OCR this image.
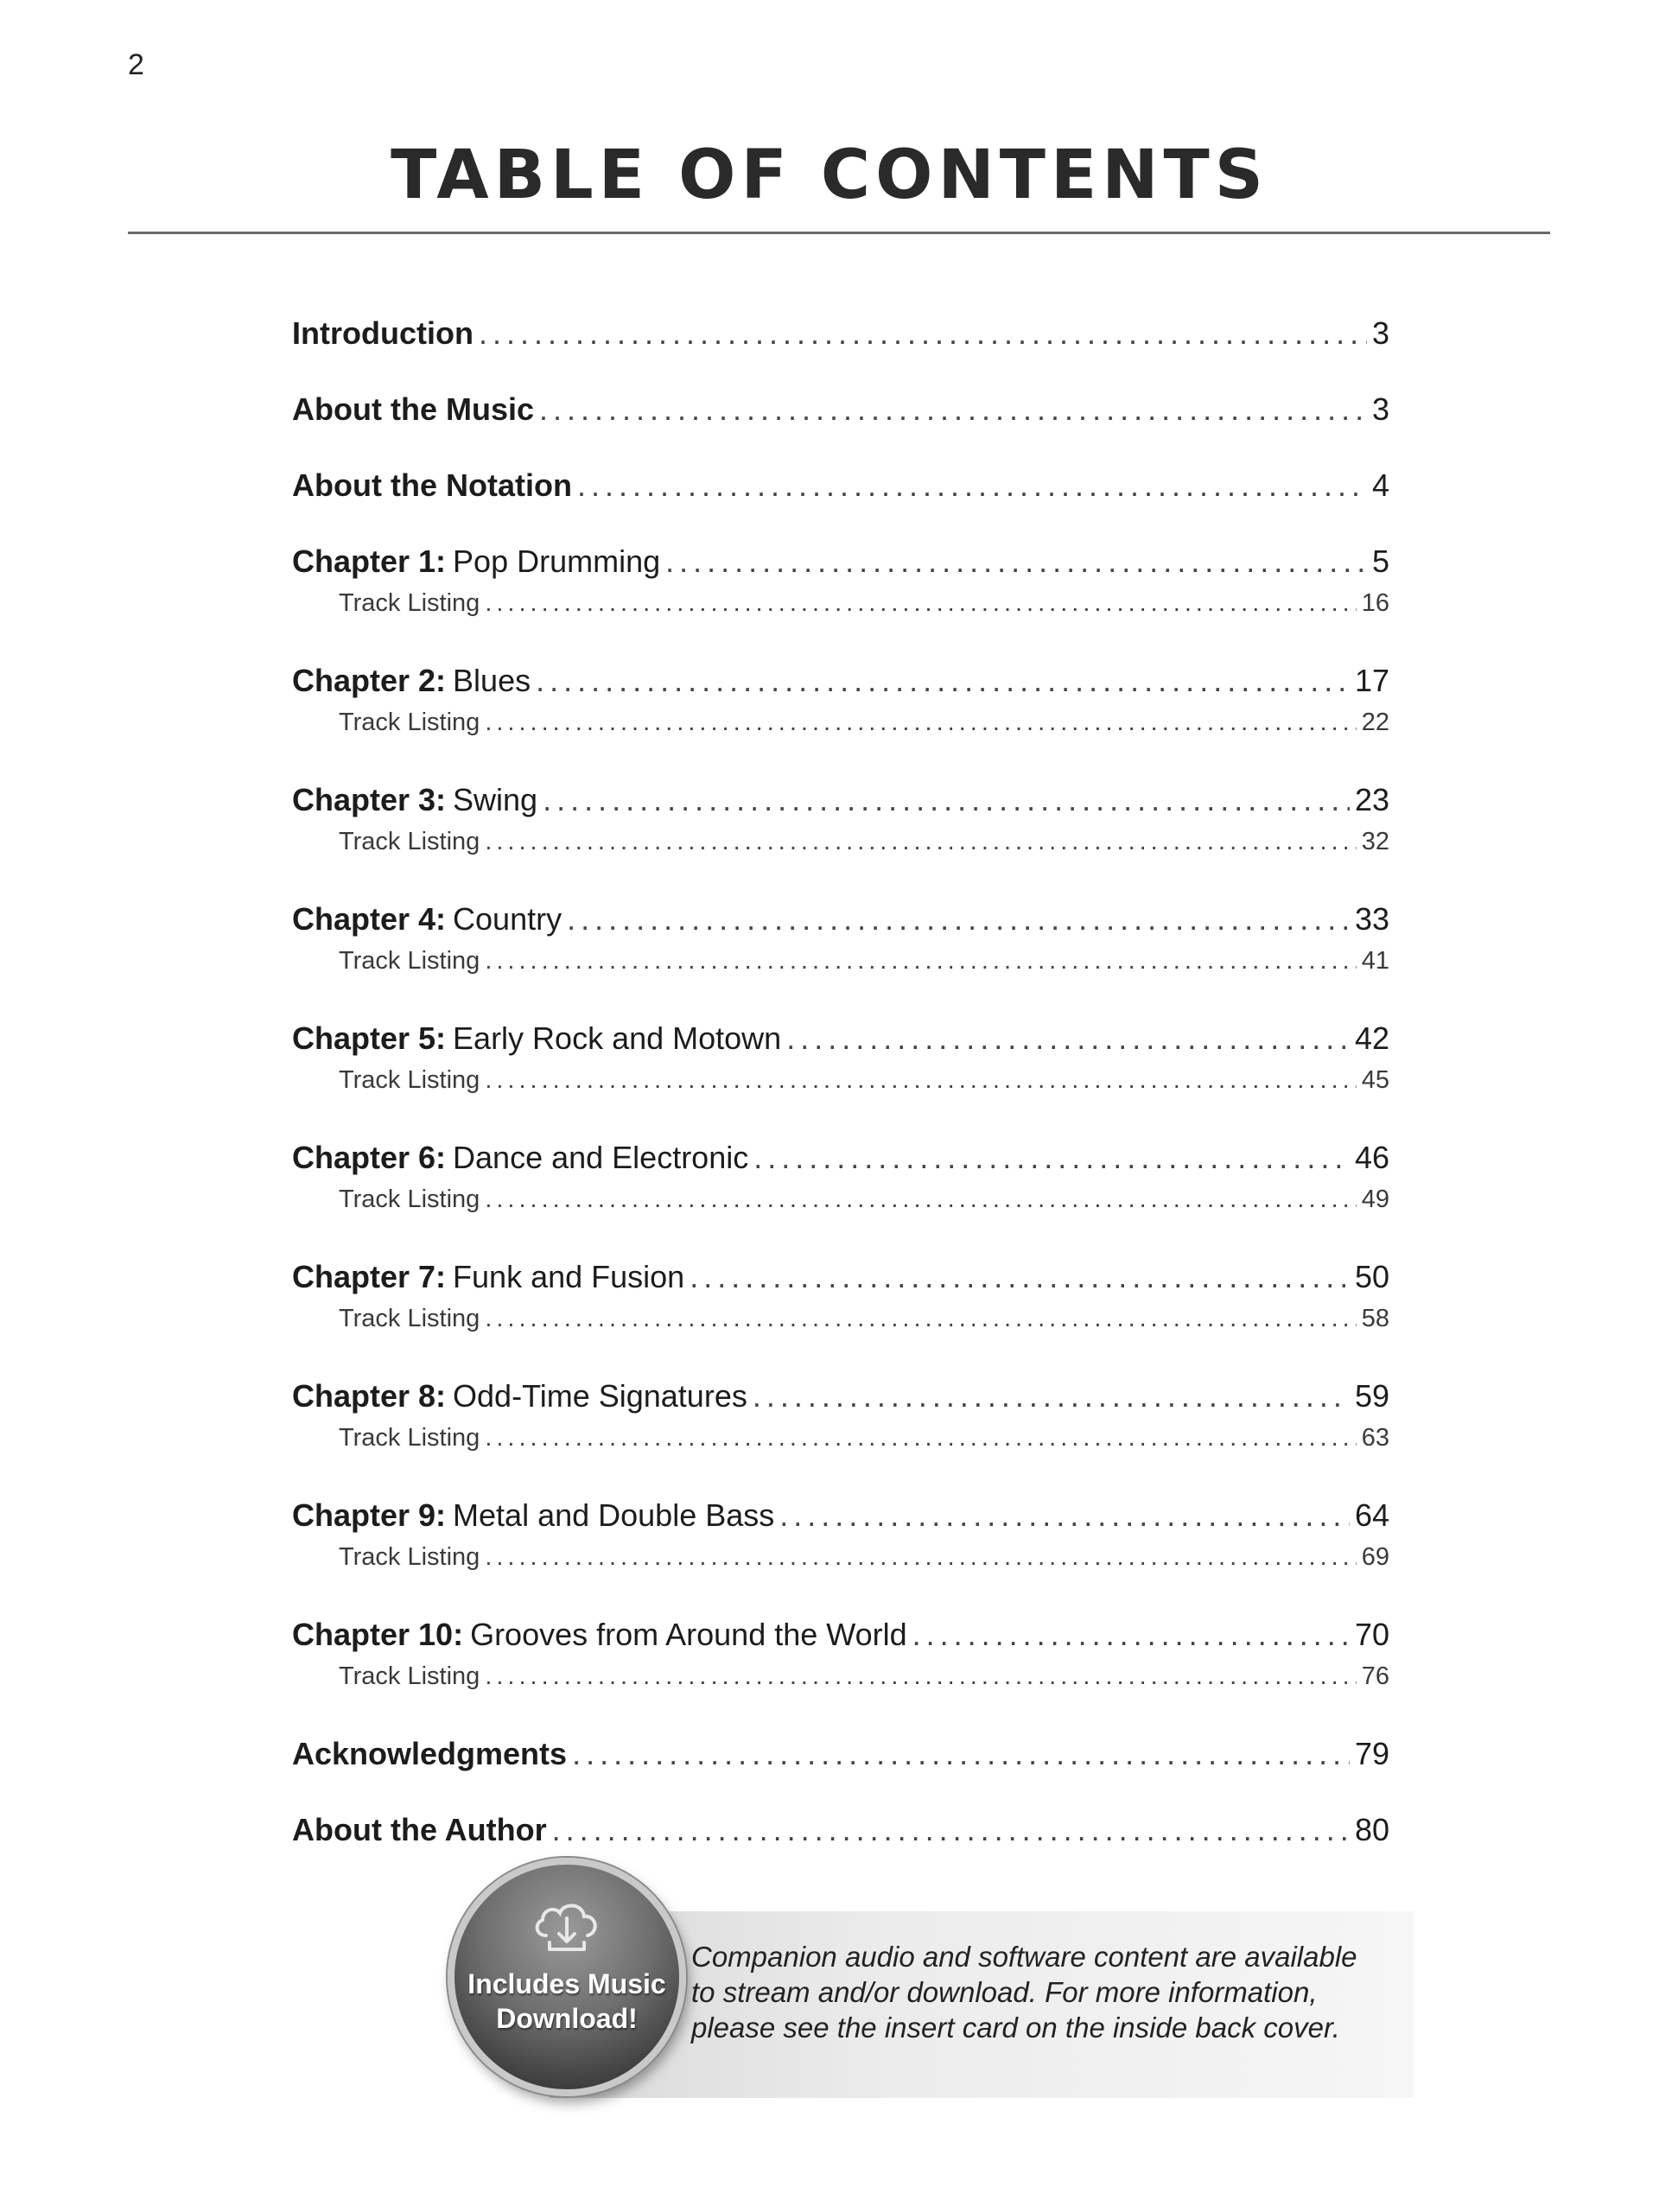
2
TABLE OF CONTENTS
Introduction .....	3
About the Music .....	3
About the Notation .....	4
Chapter 1: Pop Drumming .....	5
Track Listing .....	16
Chapter 2: Blues .....	17
Track Listing .....	22
Chapter 3: Swing .....	23
Track Listing .....	32
Chapter 4: Country .....	33
Track Listing .....	41
Chapter 5: Early Rock and Motown .....	42
Track Listing .....	45
Chapter 6: Dance and Electronic .....	46
Track Listing .....	49
Chapter 7: Funk and Fusion .....	50
Track Listing .....	58
Chapter 8: Odd-Time Signatures .....	59
Track Listing .....	63
Chapter 9: Metal and Double Bass .....	64
Track Listing .....	69
Chapter 10: Grooves from Around the World .....	70
Track Listing .....	76
Acknowledgments .....	79
About the Author .....	80
Companion audio and software content are available
to stream and/or download. For more information,
please see the insert card on the inside back cover.
Includes Music
Download!
